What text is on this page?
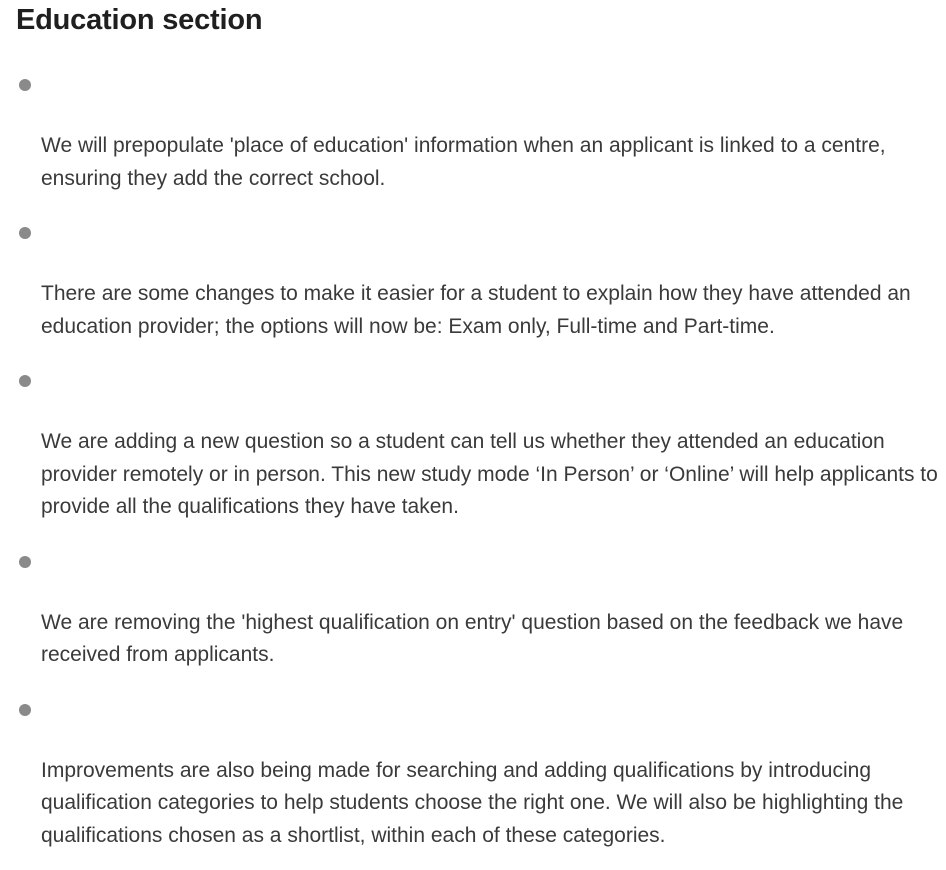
Education section

We will prepopulate 'place of education' information when an applicant is linked to a centre,
ensuring they add the correct school.

There are some changes to make it easier for a student to explain how they have attended an
education provider; the options will now be: Exam only, Full-time and Part-time.

We are adding a new question so a student can tell us whether they attended an education
provider remotely or in person. This new study mode ‘In Person’ or ‘Online’ will help applicants to
provide all the qualifications they have taken.

We are removing the 'highest qualification on entry' question based on the feedback we have
received from applicants.

Improvements are also being made for searching and adding qualifications by introducing
qualification categories to help students choose the right one. We will also be highlighting the
qualifications chosen as a shortlist, within each of these categories.
